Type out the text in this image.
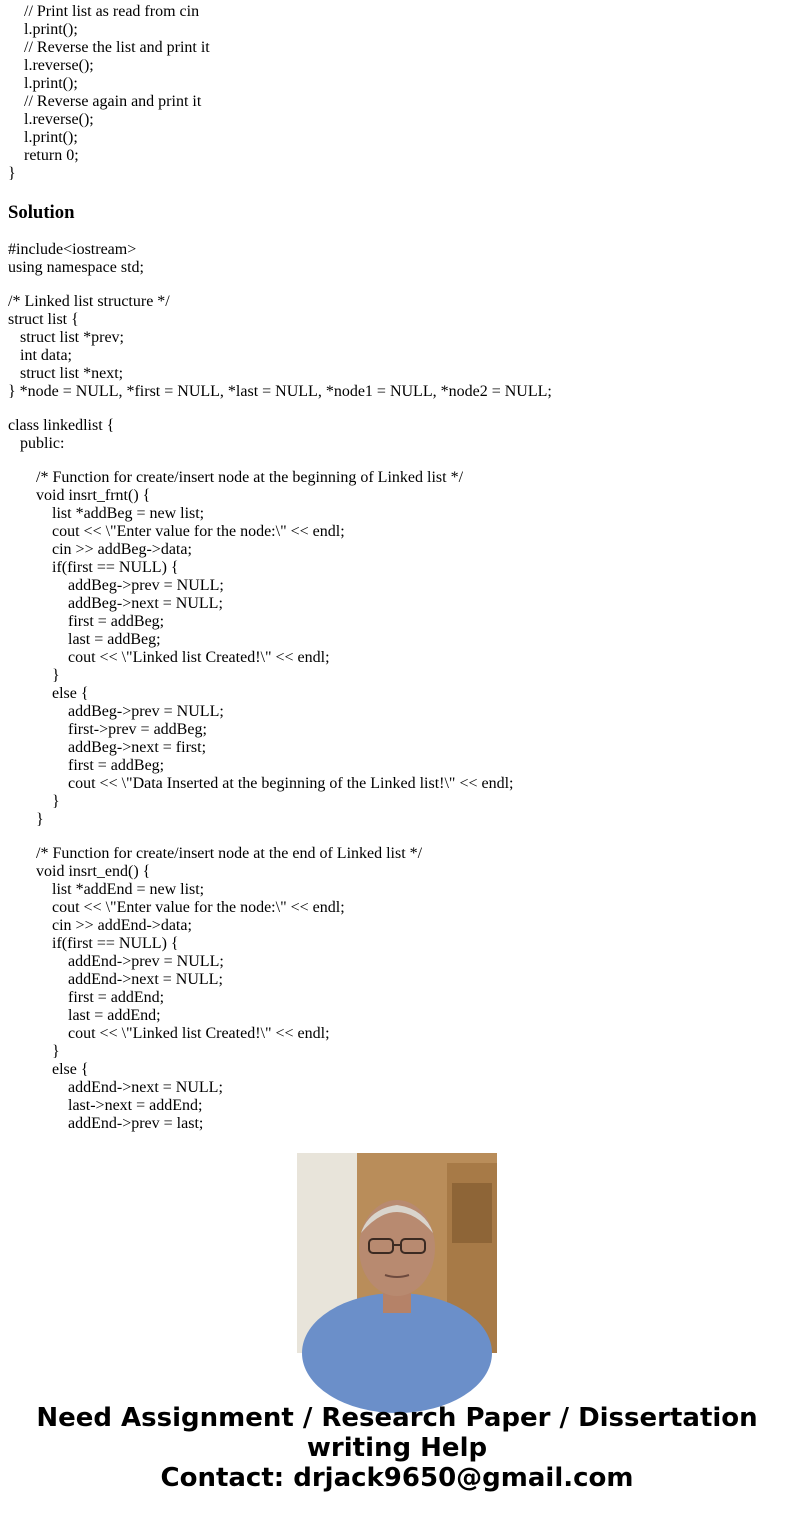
// Print list as read from cin
l.print();
// Reverse the list and print it
l.reverse();
l.print();
// Reverse again and print it
l.reverse();
l.print();
return 0;
}
Solution
#include<iostream>
using namespace std;
/* Linked list structure */
struct list {
struct list *prev;
int data;
struct list *next;
} *node = NULL, *first = NULL, *last = NULL, *node1 = NULL, *node2 = NULL;
class linkedlist {
public:
/* Function for create/insert node at the beginning of Linked list */
void insrt_frnt() {
list *addBeg = new list;
cout << \"Enter value for the node:\" << endl;
cin >> addBeg->data;
if(first == NULL) {
addBeg->prev = NULL;
addBeg->next = NULL;
first = addBeg;
last = addBeg;
cout << \"Linked list Created!\" << endl;
}
else {
addBeg->prev = NULL;
first->prev = addBeg;
addBeg->next = first;
first = addBeg;
cout << \"Data Inserted at the beginning of the Linked list!\" << endl;
}
}
/* Function for create/insert node at the end of Linked list */
void insrt_end() {
list *addEnd = new list;
cout << \"Enter value for the node:\" << endl;
cin >> addEnd->data;
if(first == NULL) {
addEnd->prev = NULL;
addEnd->next = NULL;
first = addEnd;
last = addEnd;
cout << \"Linked list Created!\" << endl;
}
else {
addEnd->next = NULL;
last->next = addEnd;
addEnd->prev = last;
Need Assignment / Research Paper / Dissertation
writing Help
Contact: drjack9650@gmail.com
